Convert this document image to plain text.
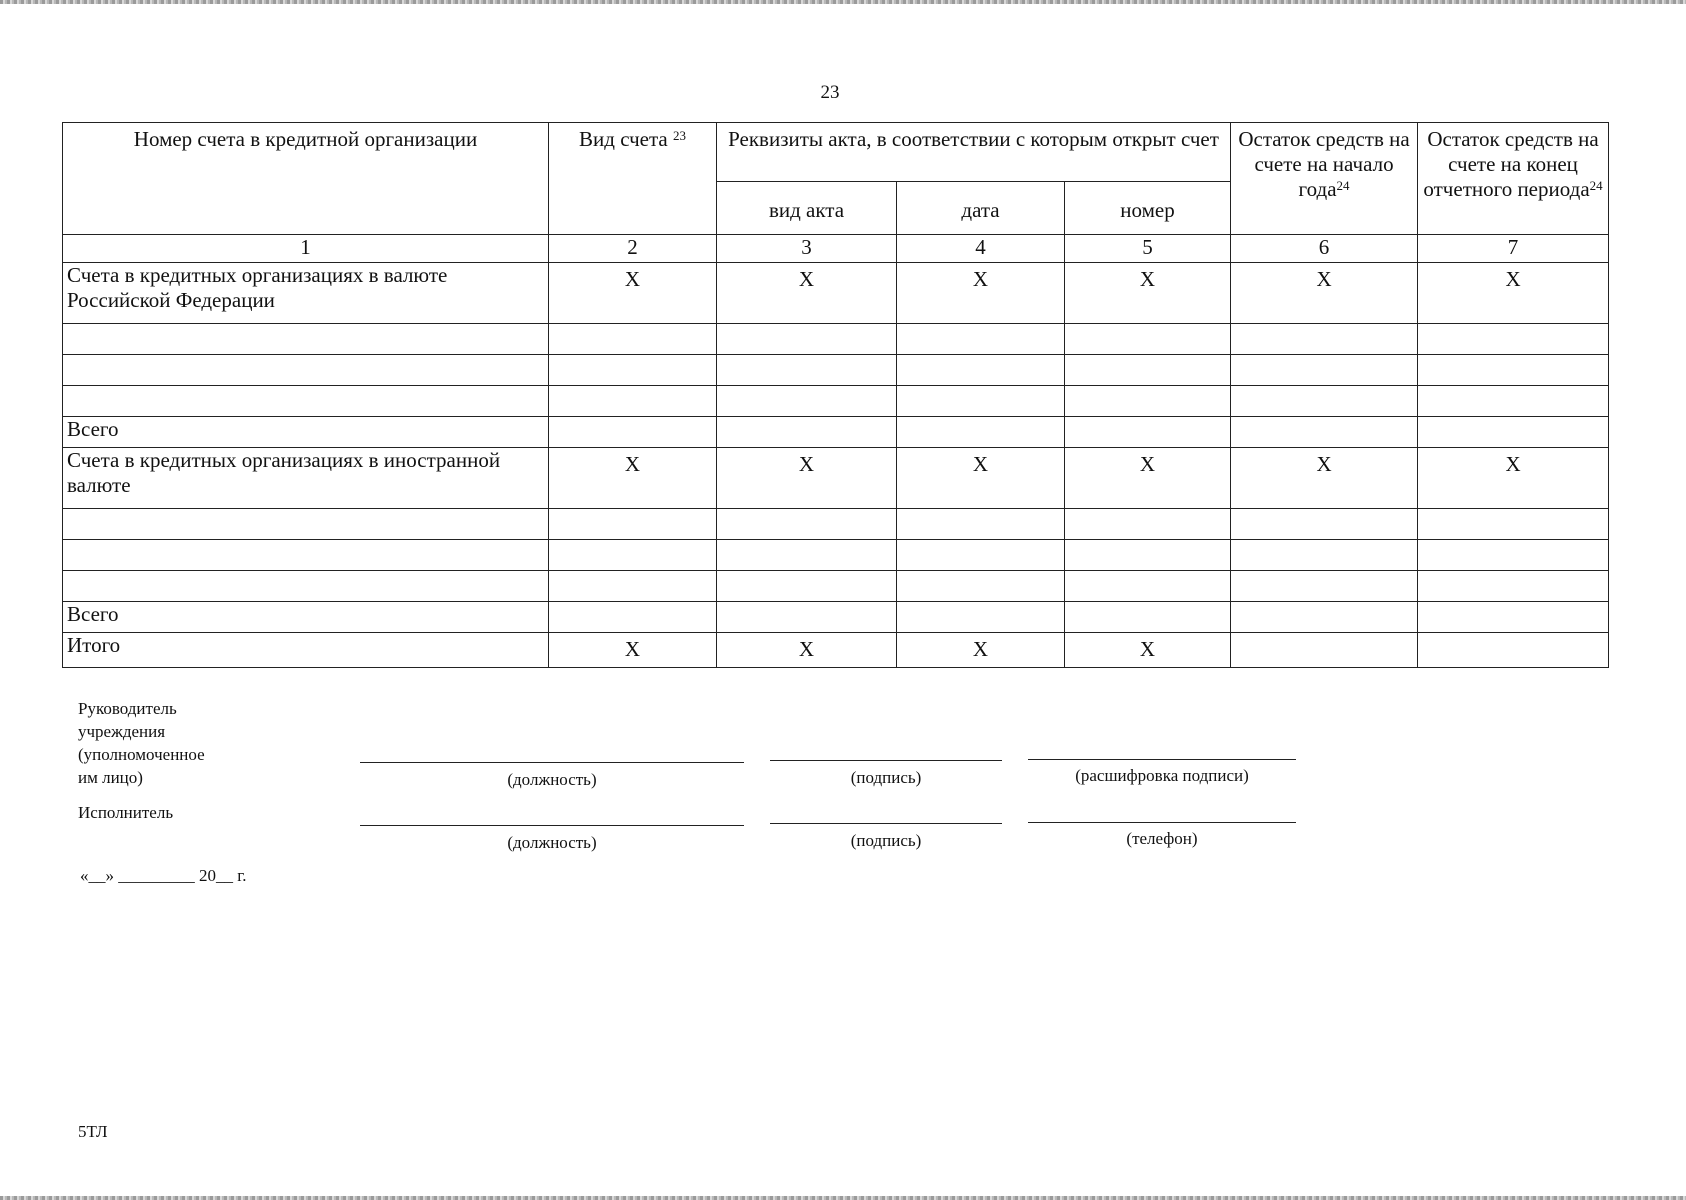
23
Номер счета в кредитной организации	Вид счета $^{23}$	Реквизиты акта, в соответствии с которым открыт счет			Остаток средств на счете на начало года$^{24}$	Остаток средств на счете на конец отчетного периода$^{24}$
		вид акта	дата	номер		
1	2	3	4	5	6	7
Счета в кредитных организациях в валюте Российской Федерации	X	X	X	X	X	X

Всего						
Счета в кредитных организациях в иностранной валюте	X	X	X	X	X	X

Всего						
Итого	X	X	X	X		
Руководитель учреждения
(уполномоченное им лицо)	(должность)	(подпись)	(расшифровка подписи)
Исполнитель
(должность)	(подпись)	(телефон)
«__» _________ 20__ г.
5ТЛ
